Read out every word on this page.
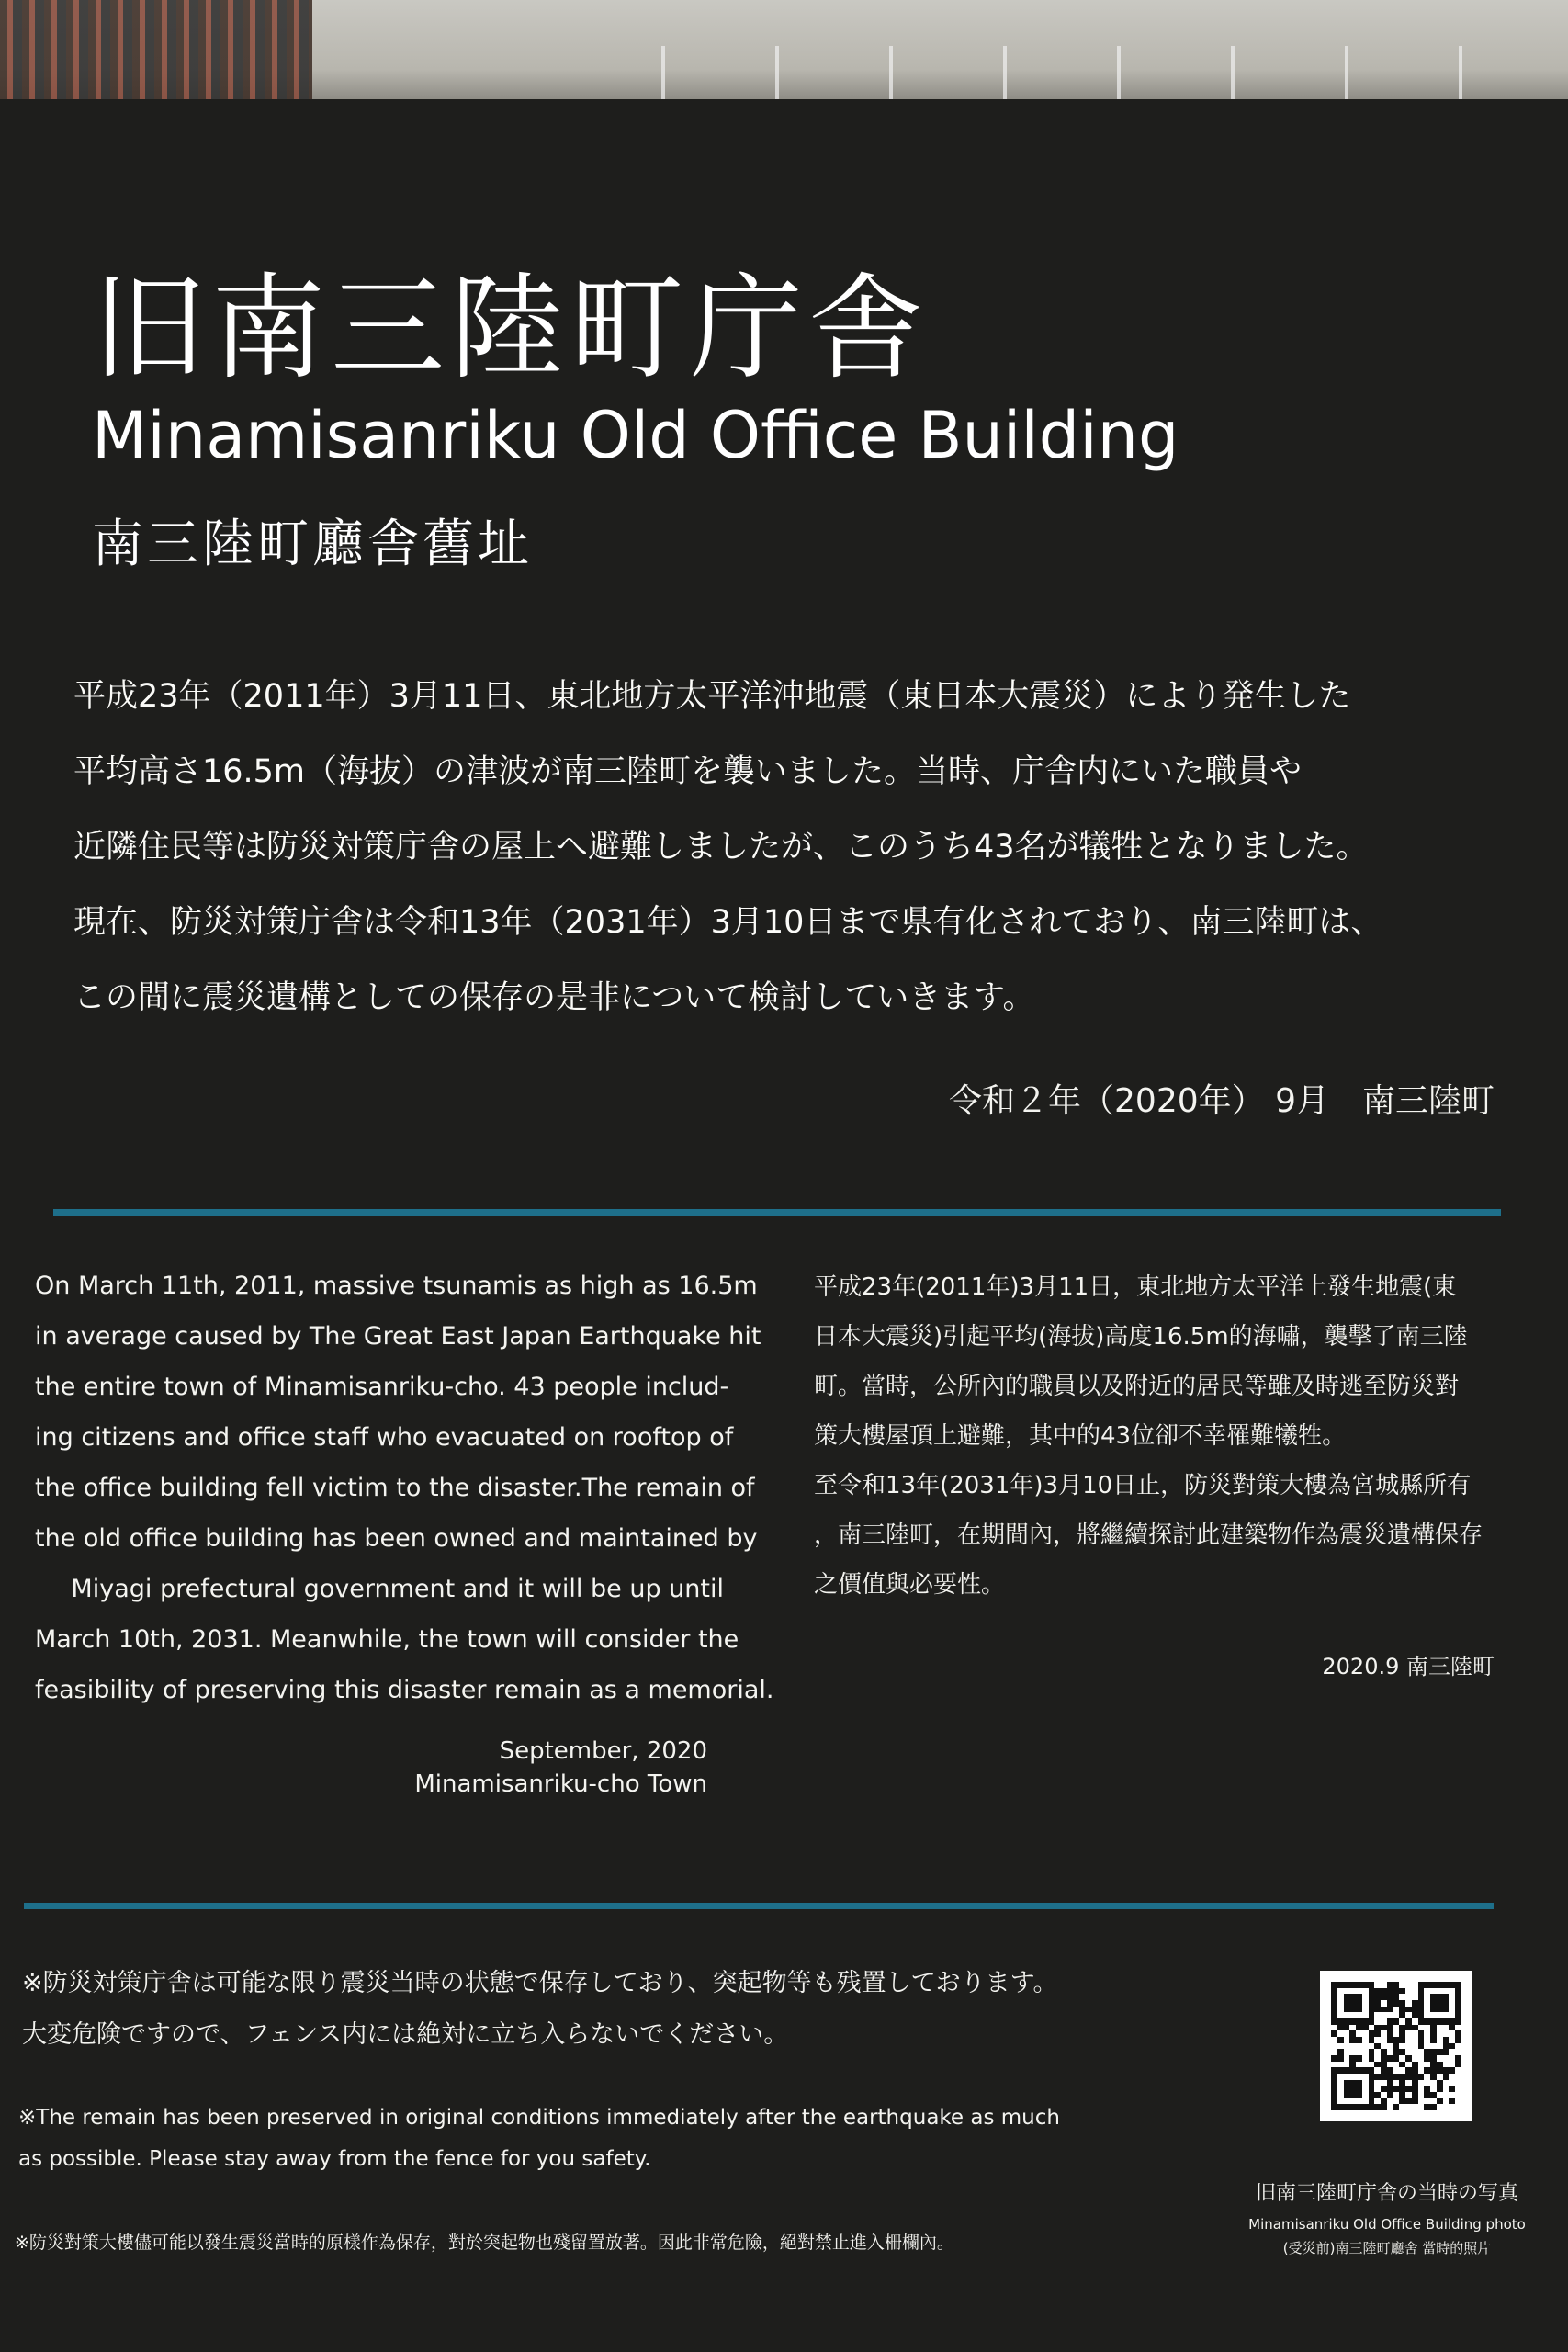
旧南三陸町庁舎
Minamisanriku Old Office Building
南三陸町廳舎舊址
平成23年（2011年）3月11日、東北地方太平洋沖地震（東日本大震災）により発生した
平均高さ16.5m（海抜）の津波が南三陸町を襲いました。当時、庁舎内にいた職員や
近隣住民等は防災対策庁舎の屋上へ避難しましたが、このうち43名が犠牲となりました。
現在、防災対策庁舎は令和13年（2031年）3月10日まで県有化されており、南三陸町は、
この間に震災遺構としての保存の是非について検討していきます。
令和２年（2020年） 9月　南三陸町
On March 11th, 2011, massive tsunamis as high as 16.5m
in average caused by The Great East Japan Earthquake hit
the entire town of Minamisanriku-cho. 43 people includ-
ing citizens and office staff who evacuated on rooftop of
the office building fell victim to the disaster.The remain of
the old office building has been owned and maintained by
Miyagi prefectural government and it will be up until
March 10th, 2031. Meanwhile, the town will consider the
feasibility of preserving this disaster remain as a memorial.
September, 2020
Minamisanriku-cho Town
平成23年(2011年)3月11日，東北地方太平洋上發生地震(東
日本大震災)引起平均(海拔)高度16.5m的海嘯，襲擊了南三陸
町。當時，公所內的職員以及附近的居民等雖及時逃至防災對
策大樓屋頂上避難，其中的43位卻不幸罹難犧牲。
至令和13年(2031年)3月10日止，防災對策大樓為宮城縣所有
，南三陸町，在期間內，將繼續探討此建築物作為震災遺構保存
之價值與必要性。
2020.9 南三陸町
※防災対策庁舎は可能な限り震災当時の状態で保存しており、突起物等も残置しております。
大変危険ですので、フェンス内には絶対に立ち入らないでください。
※The remain has been preserved in original conditions immediately after the earthquake as much
as possible. Please stay away from the fence for you safety.
※防災對策大樓儘可能以發生震災當時的原樣作為保存，對於突起物也殘留置放著。因此非常危險，絕對禁止進入柵欄內。
旧南三陸町庁舎の当時の写真
Minamisanriku Old Office Building photo
(受災前)南三陸町廳舍 當時的照片
